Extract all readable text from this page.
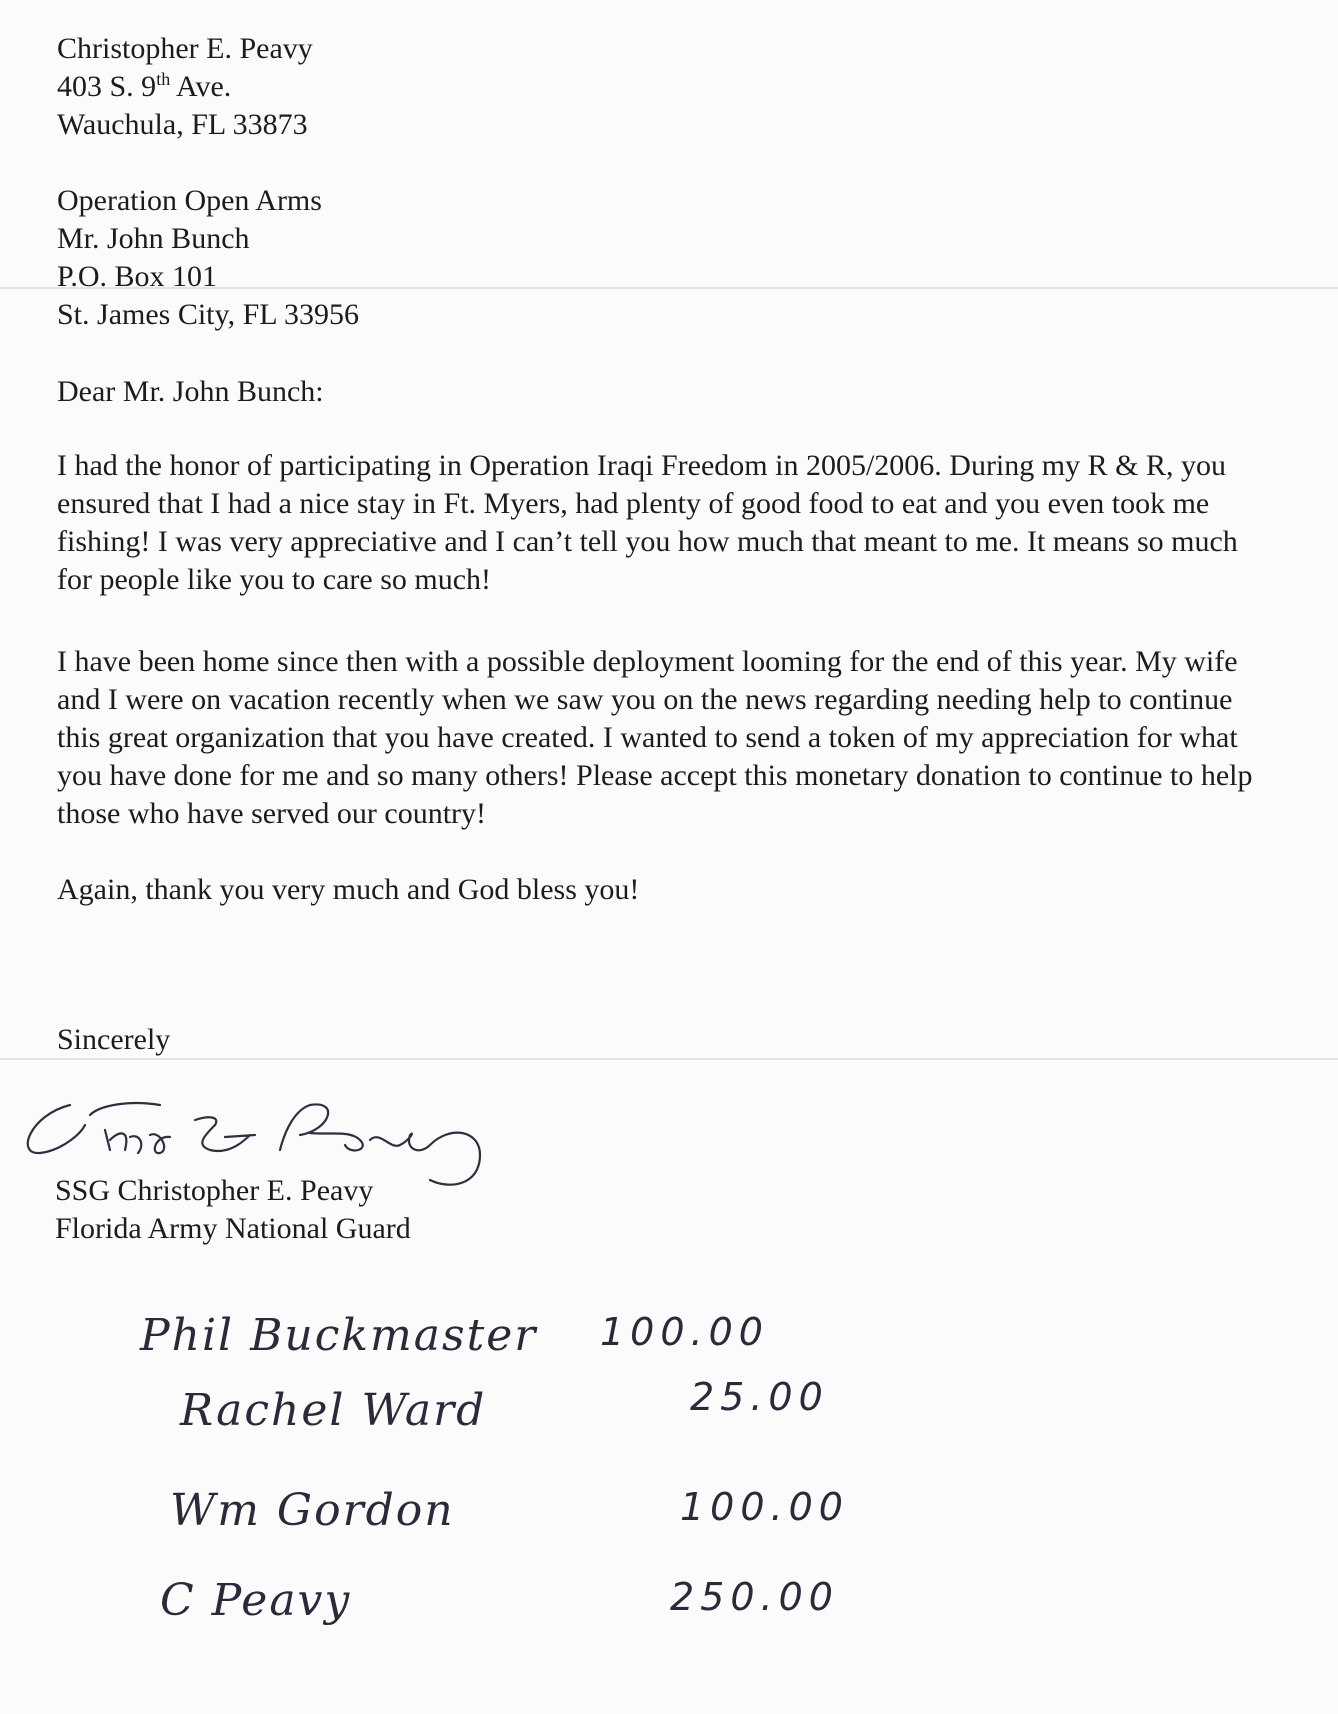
Christopher E. Peavy

403 S. 9th Ave.

Wauchula, FL 33873

Operation Open Arms

Mr. John Bunch

P.O. Box 101

St. James City, FL 33956

Dear Mr. John Bunch:
I had the honor of participating in Operation Iraqi Freedom in 2005/2006. During my R & R, you ensured that I had a nice stay in Ft. Myers, had plenty of good food to eat and you even took me fishing! I was very appreciative and I can’t tell you how much that meant to me. It means so much for people like you to care so much!
I have been home since then with a possible deployment looming for the end of this year. My wife and I were on vacation recently when we saw you on the news regarding needing help to continue this great organization that you have created. I wanted to send a token of my appreciation for what you have done for me and so many others! Please accept this monetary donation to continue to help those who have served our country!
Again, thank you very much and God bless you!
Sincerely

SSG Christopher E. Peavy

Florida Army National Guard

Phil Buckmaster 100.00
Rachel Ward	25.00
Wm Gordon	100.00
C Peavy	250.00
